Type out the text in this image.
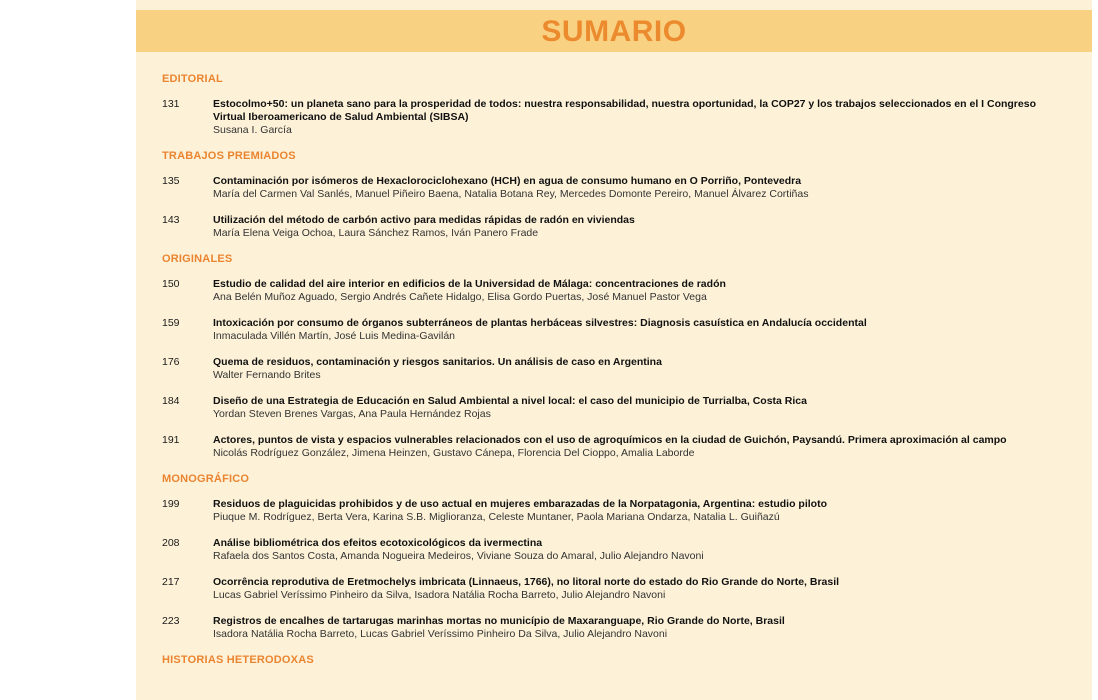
SUMARIO
EDITORIAL
131	Estocolmo+50: un planeta sano para la prosperidad de todos: nuestra responsabilidad, nuestra oportunidad, la COP27 y los trabajos seleccionados en el I Congreso Virtual Iberoamericano de Salud Ambiental (SIBSA)
Susana I. García
TRABAJOS PREMIADOS
135	Contaminación por isómeros de Hexaclorociclohexano (HCH) en agua de consumo humano en O Porriño, Pontevedra
María del Carmen Val Sanlés, Manuel Piñeiro Baena, Natalia Botana Rey, Mercedes Domonte Pereiro, Manuel Álvarez Cortiñas
143	Utilización del método de carbón activo para medidas rápidas de radón en viviendas
María Elena Veiga Ochoa, Laura Sánchez Ramos, Iván Panero Frade
ORIGINALES
150	Estudio de calidad del aire interior en edificios de la Universidad de Málaga: concentraciones de radón
Ana Belén Muñoz Aguado, Sergio Andrés Cañete Hidalgo, Elisa Gordo Puertas, José Manuel Pastor Vega
159	Intoxicación por consumo de órganos subterráneos de plantas herbáceas silvestres: Diagnosis casuística en Andalucía occidental
Inmaculada Villén Martín, José Luis Medina-Gavilán
176	Quema de residuos, contaminación y riesgos sanitarios. Un análisis de caso en Argentina
Walter Fernando Brites
184	Diseño de una Estrategia de Educación en Salud Ambiental a nivel local: el caso del municipio de Turrialba, Costa Rica
Yordan Steven Brenes Vargas, Ana Paula Hernández Rojas
191	Actores, puntos de vista y espacios vulnerables relacionados con el uso de agroquímicos en la ciudad de Guichón, Paysandú. Primera aproximación al campo
Nicolás Rodríguez González, Jimena Heinzen, Gustavo Cánepa, Florencia Del Cioppo, Amalia Laborde
MONOGRÁFICO
199	Residuos de plaguicidas prohibidos y de uso actual en mujeres embarazadas de la Norpatagonia, Argentina: estudio piloto
Piuque M. Rodríguez, Berta Vera, Karina S.B. Miglioranza, Celeste Muntaner, Paola Mariana Ondarza, Natalia L. Guiñazú
208	Análise bibliométrica dos efeitos ecotoxicológicos da ivermectina
Rafaela dos Santos Costa, Amanda Nogueira Medeiros, Viviane Souza do Amaral, Julio Alejandro Navoni
217	Ocorrência reprodutiva de Eretmochelys imbricata (Linnaeus, 1766), no litoral norte do estado do Rio Grande do Norte, Brasil
Lucas Gabriel Veríssimo Pinheiro da Silva, Isadora Natália Rocha Barreto, Julio Alejandro Navoni
223	Registros de encalhes de tartarugas marinhas mortas no município de Maxaranguape, Rio Grande do Norte, Brasil
Isadora Natália Rocha Barreto, Lucas Gabriel Veríssimo Pinheiro Da Silva, Julio Alejandro Navoni
HISTORIAS HETERODOXAS
